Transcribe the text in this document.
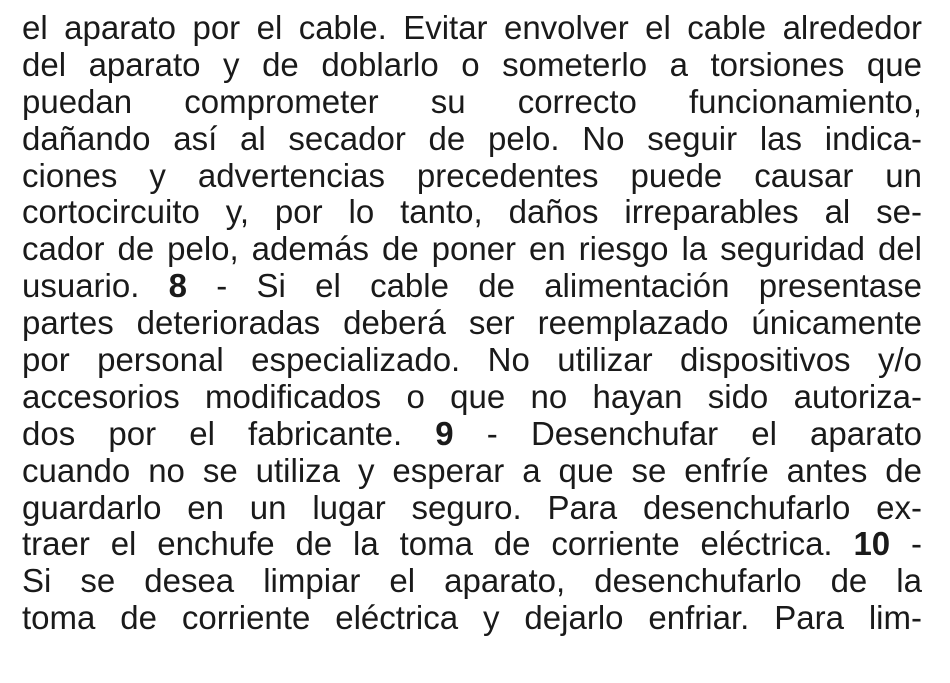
el aparato por el cable. Evitar envolver el cable alrededor
del aparato y de doblarlo o someterlo a torsiones que
puedan comprometer su correcto funcionamiento,
dañando así al secador de pelo. No seguir las indica-
ciones y advertencias precedentes puede causar un
cortocircuito y, por lo tanto, daños irreparables al se-
cador de pelo, además de poner en riesgo la seguridad del
usuario. 8 - Si el cable de alimentación presentase
partes deterioradas deberá ser reemplazado únicamente
por personal especializado. No utilizar dispositivos y/o
accesorios modificados o que no hayan sido autoriza-
dos por el fabricante. 9 - Desenchufar el aparato
cuando no se utiliza y esperar a que se enfríe antes de
guardarlo en un lugar seguro. Para desenchufarlo ex-
traer el enchufe de la toma de corriente eléctrica. 10 -
Si se desea limpiar el aparato, desenchufarlo de la
toma de corriente eléctrica y dejarlo enfriar. Para lim-
